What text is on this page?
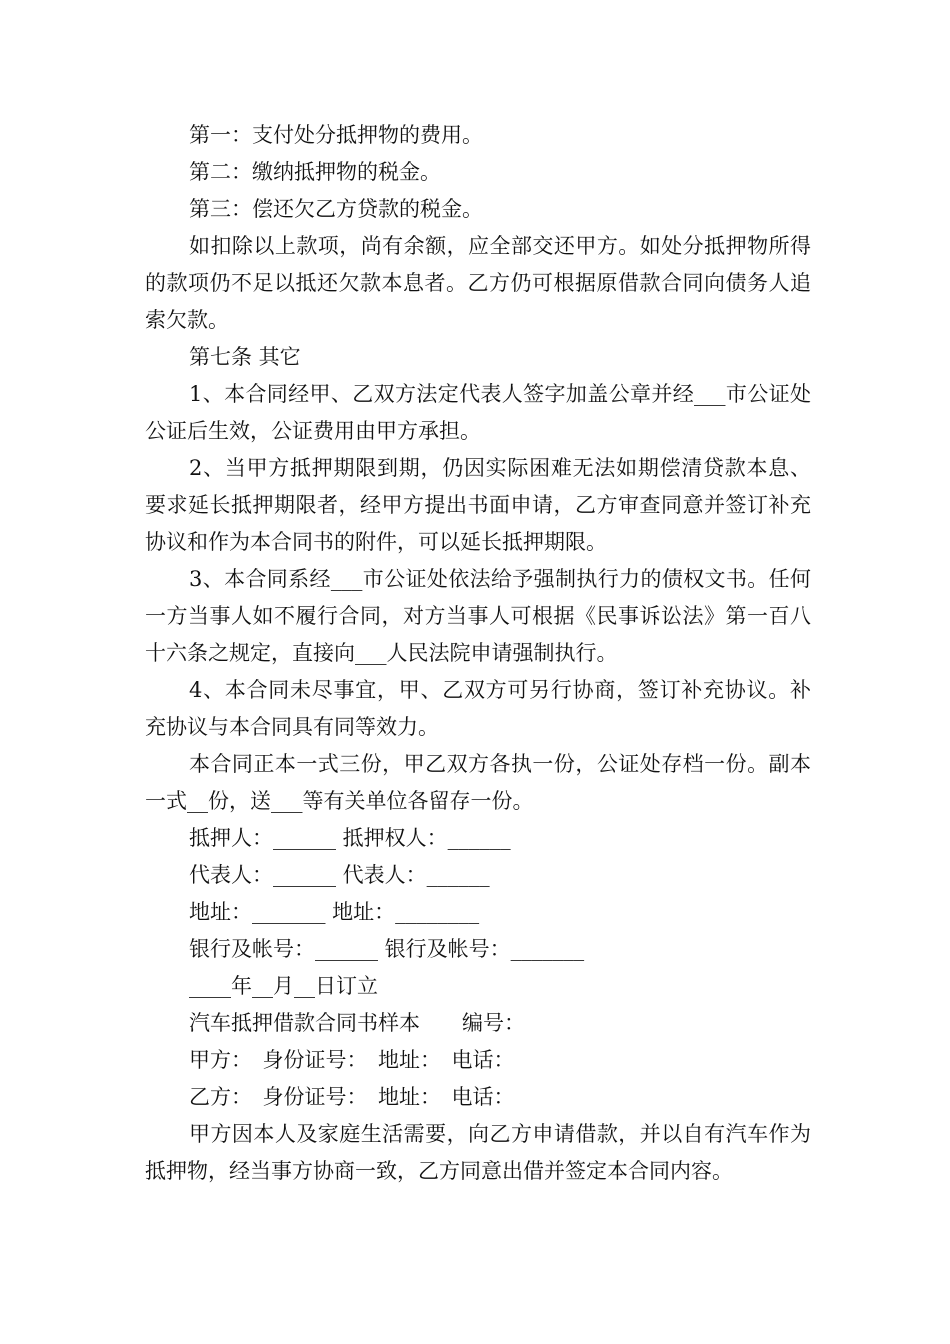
第一：支付处分抵押物的费用。

第二：缴纳抵押物的税金。

第三：偿还欠乙方贷款的税金。

如扣除以上款项，尚有余额，应全部交还甲方。如处分抵押物所得的款项仍不足以抵还欠款本息者。乙方仍可根据原借款合同向债务人追索欠款。

第七条 其它

1、本合同经甲、乙双方法定代表人签字加盖公章并经___市公证处公证后生效，公证费用由甲方承担。

2、当甲方抵押期限到期，仍因实际困难无法如期偿清贷款本息、要求延长抵押期限者，经甲方提出书面申请，乙方审查同意并签订补充协议和作为本合同书的附件，可以延长抵押期限。

3、本合同系经___市公证处依法给予强制执行力的债权文书。任何一方当事人如不履行合同，对方当事人可根据《民事诉讼法》第一百八十六条之规定，直接向___人民法院申请强制执行。

4、本合同未尽事宜，甲、乙双方可另行协商，签订补充协议。补充协议与本合同具有同等效力。

本合同正本一式三份，甲乙双方各执一份，公证处存档一份。副本一式__份，送___等有关单位各留存一份。

抵押人：______ 抵押权人：______

代表人：______ 代表人：______

地址：_______ 地址：________

银行及帐号：______ 银行及帐号：_______

____年__月__日订立

汽车抵押借款合同书样本　　编号：

甲方：　身份证号：　地址：　电话：

乙方：　身份证号：　地址：　电话：

甲方因本人及家庭生活需要，向乙方申请借款，并以自有汽车作为抵押物，经当事方协商一致，乙方同意出借并签定本合同内容。
